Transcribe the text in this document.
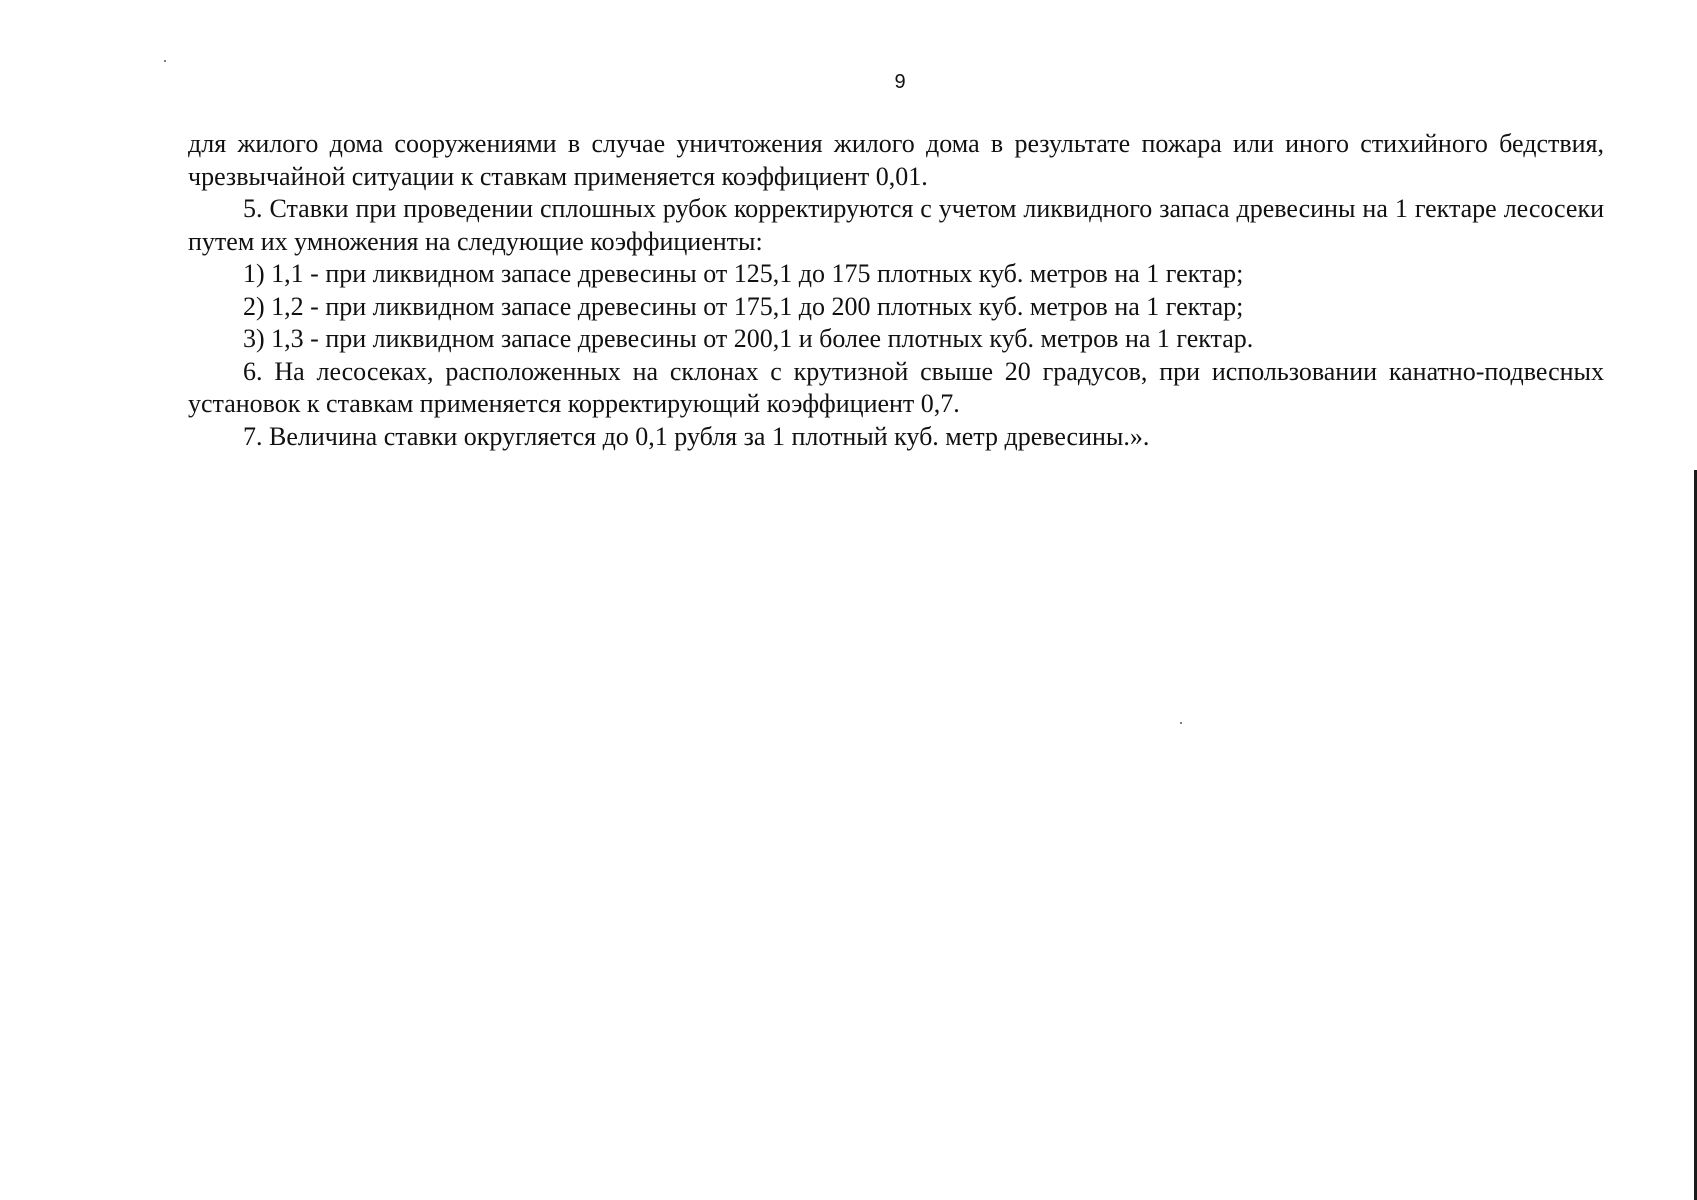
9

для жилого дома сооружениями в случае уничтожения жилого дома в результате пожара или иного стихийного бедствия, чрезвычайной ситуации к ставкам применяется коэффициент 0,01.

5. Ставки при проведении сплошных рубок корректируются с учетом ликвидного запаса древесины на 1 гектаре лесосеки путем их умножения на следующие коэффициенты:

1) 1,1 - при ликвидном запасе древесины от 125,1 до 175 плотных куб. метров на 1 гектар;

2) 1,2 - при ликвидном запасе древесины от 175,1 до 200 плотных куб. метров на 1 гектар;

3) 1,3 - при ликвидном запасе древесины от 200,1 и более плотных куб. метров на 1 гектар.

6. На лесосеках, расположенных на склонах с крутизной свыше 20 градусов, при использовании канатно-подвесных установок к ставкам применяется корректирующий коэффициент 0,7.

7. Величина ставки округляется до 0,1 рубля за 1 плотный куб. метр древесины.».
